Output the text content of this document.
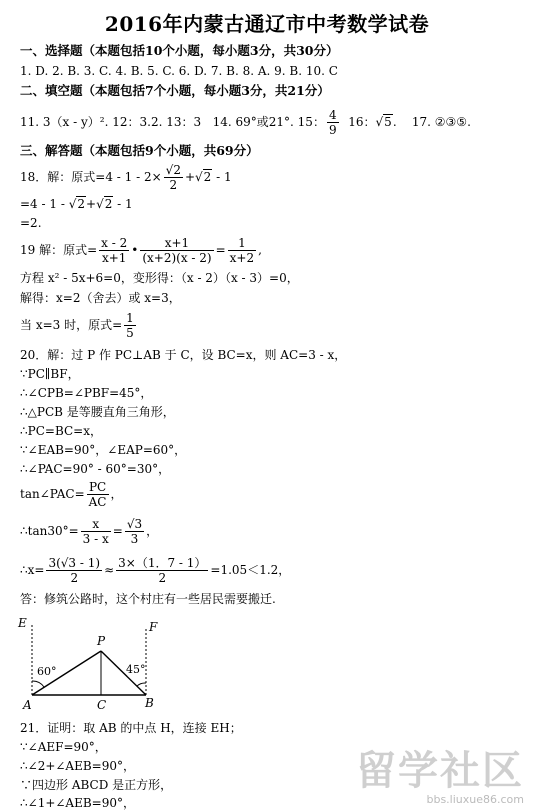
2016年内蒙古通辽市中考数学试卷
一、选择题（本题包括10个小题，每小题3分，共30分）
1. D. 2. B. 3. C. 4. B. 5. C. 6. D. 7. B. 8. A. 9. B. 10. C
二、填空题（本题包括7个小题，每小题3分，共21分）
11. 3（x - y）². 12：3.2. 13：3 14. 69°或21°. 15： $\frac{4}{9} 16$：√5.    17. ②③⑤.
三、解答题（本题包括9个小题，共69分）
18．解：原式$=4 - 1 - 2\times \frac{√2}{2} +√2 - 1$
=4 - 1 - √2+√2 - 1
=2.
19 解：原式= $\frac{x - 2}{x+1}$ • $\frac{x+1}{(x+2)(x - 2)} = \frac{1}{x+2}$ ,
方程 x² - 5x+6=0，变形得：（x - 2）（x - 3）=0，
解得：x=2（舍去）或 x=3，
当 x=3 时，原式= $\frac{1}{5}$
20．解：过 P 作 PC⊥AB 于 C，设 BC=x，则 AC=3 - x，
∵PC∥BF，
∴∠CPB=∠PBF=45°，
∴△PCB 是等腰直角三角形，
∴PC=BC=x，
∵∠EAB=90°，∠EAP=60°，
∴∠PAC=90° - 60°=30°，
tan∠PAC= $\frac{PC}{AC}$ ，
∴tan30°= $\frac{x}{3 - x} = \frac{√3}{3}$ ，
∴x= $\frac{3(√3 - 1)}{2} \approx \frac{3\times(1.7 - 1)}{2} =1.05<1.2$，
答：修筑公路时，这个村庄有一些居民需要搬迁.
E	F
P
A	C	B
60°	45°
21．证明：取 AB 的中点 H，连接 EH；
∵∠AEF=90°，
∴∠2+∠AEB=90°，
∵四边形 ABCD 是正方形，
∴∠1+∠AEB=90°，
留学社区
bbs.liuxue86.com
